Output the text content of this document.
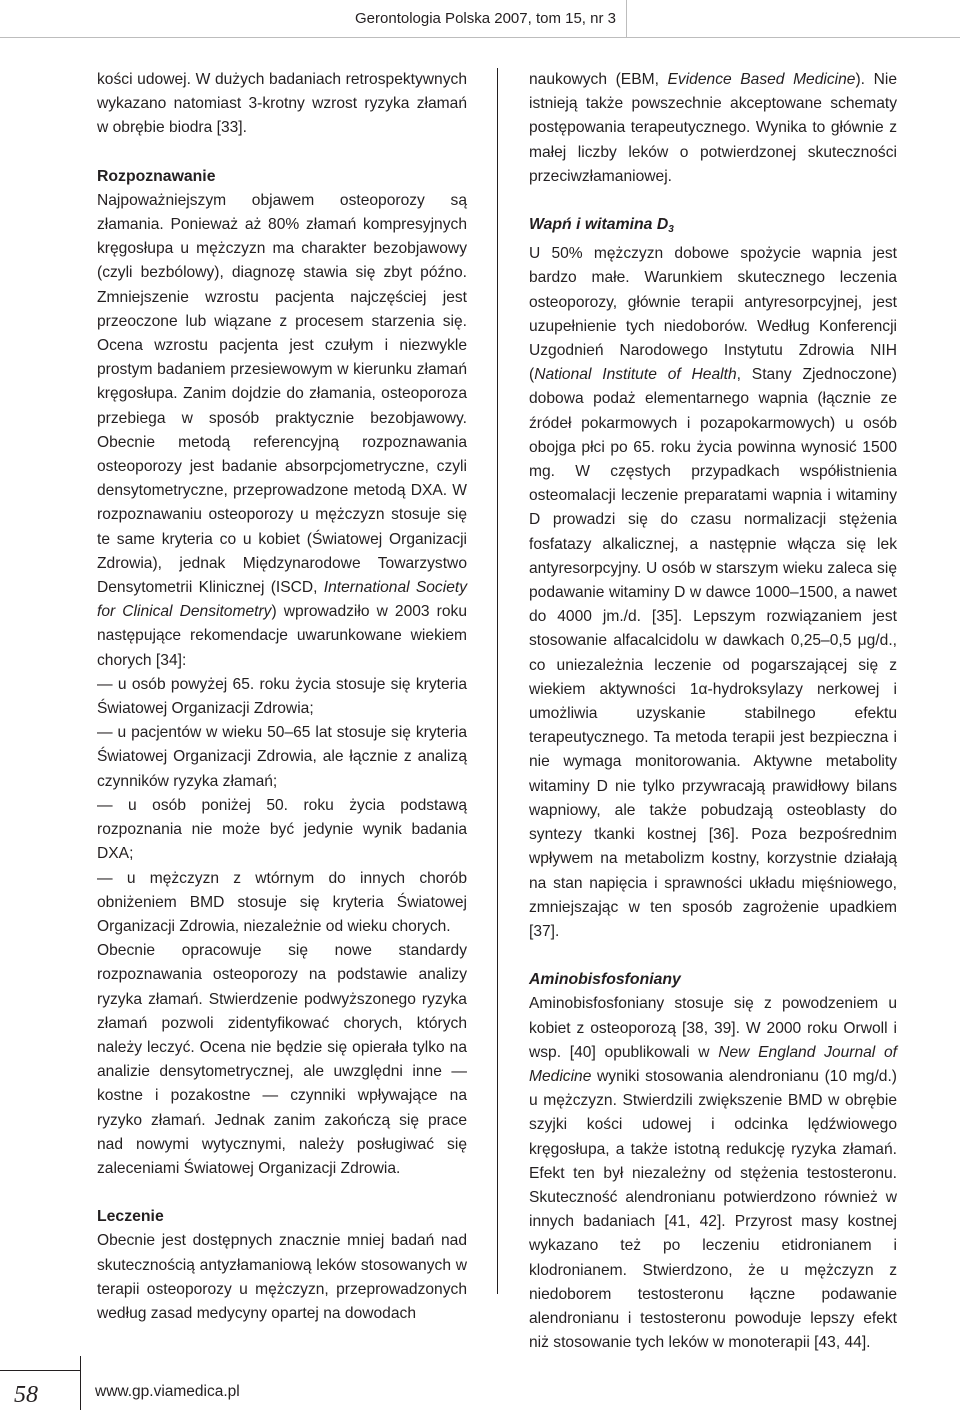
Gerontologia Polska 2007, tom 15, nr 3

kości udowej. W dużych badaniach retrospektywnych wykazano natomiast 3-krotny wzrost ryzyka złamań w obrębie biodra [33].

Rozpoznawanie

Najpoważniejszym objawem osteoporozy są złamania. Ponieważ aż 80% złamań kompresyjnych kręgosłupa u mężczyzn ma charakter bezobjawowy (czyli bezbólowy), diagnozę stawia się zbyt późno. Zmniejszenie wzrostu pacjenta najczęściej jest przeoczone lub wiązane z procesem starzenia się. Ocena wzrostu pacjenta jest czułym i niezwykle prostym badaniem przesiewowym w kierunku złamań kręgosłupa. Zanim dojdzie do złamania, osteoporoza przebiega w sposób praktycznie bezobjawowy. Obecnie metodą referencyjną rozpoznawania osteoporozy jest badanie absorpcjometryczne, czyli densytometryczne, przeprowadzone metodą DXA. W rozpoznawaniu osteoporozy u mężczyzn stosuje się te same kryteria co u kobiet (Światowej Organizacji Zdrowia), jednak Międzynarodowe Towarzystwo Densytometrii Klinicznej (ISCD, International Society for Clinical Densitometry) wprowadziło w 2003 roku następujące rekomendacje uwarunkowane wiekiem chorych [34]:

— u osób powyżej 65. roku życia stosuje się kryteria Światowej Organizacji Zdrowia;
— u pacjentów w wieku 50–65 lat stosuje się kryteria Światowej Organizacji Zdrowia, ale łącznie z analizą czynników ryzyka złamań;
— u osób poniżej 50. roku życia podstawą rozpoznania nie może być jedynie wynik badania DXA;
— u mężczyzn z wtórnym do innych chorób obniżeniem BMD stosuje się kryteria Światowej Organizacji Zdrowia, niezależnie od wieku chorych.

Obecnie opracowuje się nowe standardy rozpoznawania osteoporozy na podstawie analizy ryzyka złamań. Stwierdzenie podwyższonego ryzyka złamań pozwoli zidentyfikować chorych, których należy leczyć. Ocena nie będzie się opierała tylko na analizie densytometrycznej, ale uwzględni inne — kostne i pozakostne — czynniki wpływające na ryzyko złamań. Jednak zanim zakończą się prace nad nowymi wytycznymi, należy posługiwać się zaleceniami Światowej Organizacji Zdrowia.

Leczenie

Obecnie jest dostępnych znacznie mniej badań nad skutecznością antyzłamaniową leków stosowanych w terapii osteoporozy u mężczyzn, przeprowadzonych według zasad medycyny opartej na dowodach

naukowych (EBM, Evidence Based Medicine). Nie istnieją także powszechnie akceptowane schematy postępowania terapeutycznego. Wynika to głównie z małej liczby leków o potwierdzonej skuteczności przeciwzłamaniowej.

Wapń i witamina $D_3$

U 50% mężczyzn dobowe spożycie wapnia jest bardzo małe. Warunkiem skutecznego leczenia osteoporozy, głównie terapii antyresorpcyjnej, jest uzupełnienie tych niedoborów. Według Konferencji Uzgodnień Narodowego Instytutu Zdrowia NIH (National Institute of Health, Stany Zjednoczone) dobowa podaż elementarnego wapnia (łącznie ze źródeł pokarmowych i pozapokarmowych) u osób obojga płci po 65. roku życia powinna wynosić 1500 mg. W częstych przypadkach współistnienia osteomalacji leczenie preparatami wapnia i witaminy D prowadzi się do czasu normalizacji stężenia fosfatazy alkalicznej, a następnie włącza się lek antyresorpcyjny. U osób w starszym wieku zaleca się podawanie witaminy D w dawce 1000–1500, a nawet do 4000 jm./d. [35]. Lepszym rozwiązaniem jest stosowanie alfacalcidolu w dawkach 0,25–0,5 μg/d., co uniezależnia leczenie od pogarszającej się z wiekiem aktywności 1α-hydroksylazy nerkowej i umożliwia uzyskanie stabilnego efektu terapeutycznego. Ta metoda terapii jest bezpieczna i nie wymaga monitorowania. Aktywne metabolity witaminy D nie tylko przywracają prawidłowy bilans wapniowy, ale także pobudzają osteoblasty do syntezy tkanki kostnej [36]. Poza bezpośrednim wpływem na metabolizm kostny, korzystnie działają na stan napięcia i sprawności układu mięśniowego, zmniejszając w ten sposób zagrożenie upadkiem [37].

Aminobisfosfoniany

Aminobisfosfoniany stosuje się z powodzeniem u kobiet z osteoporozą [38, 39]. W 2000 roku Orwoll i wsp. [40] opublikowali w New England Journal of Medicine wyniki stosowania alendronianu (10 mg/d.) u mężczyzn. Stwierdzili zwiększenie BMD w obrębie szyjki kości udowej i odcinka lędźwiowego kręgosłupa, a także istotną redukcję ryzyka złamań. Efekt ten był niezależny od stężenia testosteronu. Skuteczność alendronianu potwierdzono również w innych badaniach [41, 42]. Przyrost masy kostnej wykazano też po leczeniu etidronianem i klodronianem. Stwierdzono, że u mężczyzn z niedoborem testosteronu łączne podawanie alendronianu i testosteronu powoduje lepszy efekt niż stosowanie tych leków w monoterapii [43, 44].

58	www.gp.viamedica.pl
